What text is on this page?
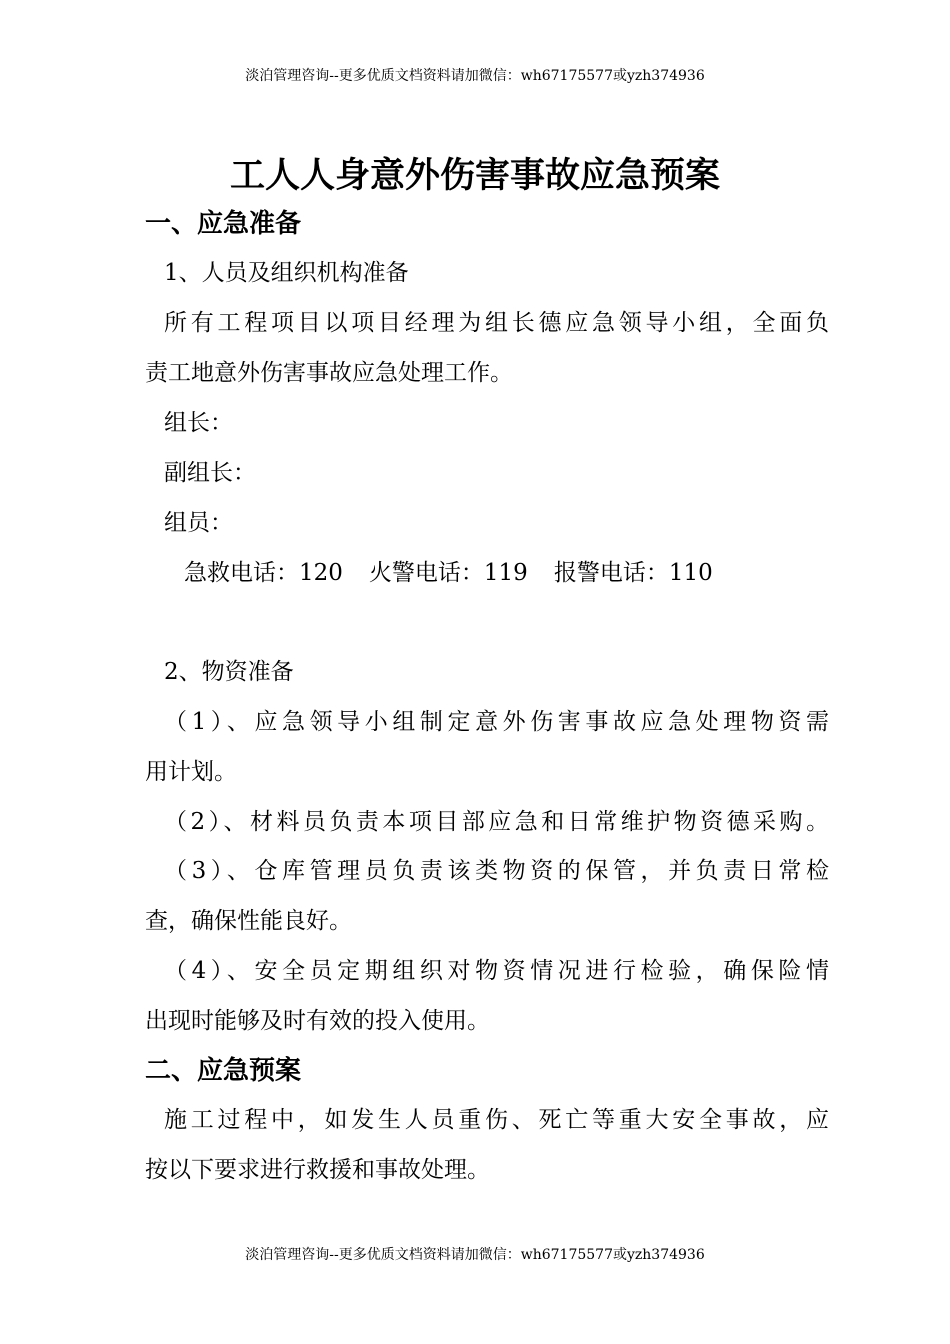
淡泊管理咨询--更多优质文档资料请加微信：wh67175577或yzh374936
工人人身意外伤害事故应急预案
一、应急准备
1、人员及组织机构准备
所有工程项目以项目经理为组长德应急领导小组，全面负
责工地意外伤害事故应急处理工作。
组长：
副组长：
组员：
急救电话：120 火警电话：119 报警电话：110
2、物资准备
（1）、应急领导小组制定意外伤害事故应急处理物资需
用计划。
（2）、材料员负责本项目部应急和日常维护物资德采购。
（3）、仓库管理员负责该类物资的保管，并负责日常检
查，确保性能良好。
（4）、安全员定期组织对物资情况进行检验，确保险情
出现时能够及时有效的投入使用。
二、应急预案
施工过程中，如发生人员重伤、死亡等重大安全事故，应
按以下要求进行救援和事故处理。
淡泊管理咨询--更多优质文档资料请加微信：wh67175577或yzh374936
